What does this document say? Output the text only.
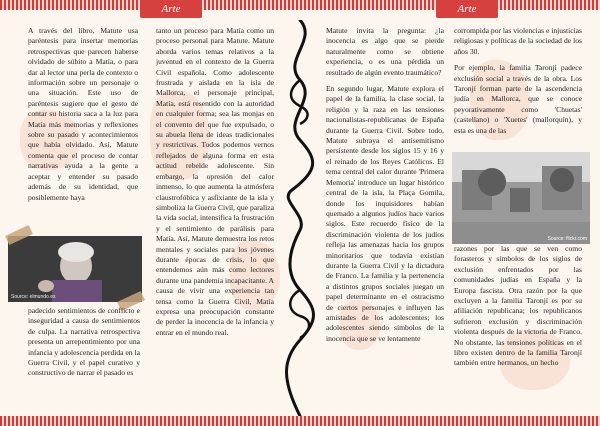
Arte	Arte

A través del libro, Matute usa paréntesis para insertar memorias retrospectivas que parecen haberse olvidado de súbito a Matía, o para dar al lector una perla de contexto o información sobre un personaje o una situación. Este uso de paréntesis sugiere que el gesto de contar su historia saca a la luz para Matía más memorias y reflexiones sobre su pasado y acontecimientos que había olvidado. Así, Matute comenta que el proceso de contar narrativas ayuda a la gente a aceptar y entender su pasado además de su identidad, que posiblemente haya

Source: elmundo.es

padecido sentimientos de conflicto e inseguridad a causa de sentimientos de culpa. La narrativa retrospectiva presenta un arrepentimiento por una infancia y adolescencia perdida en la Guerra Civil, y el papel curativo y constructivo de narrar el pasado es

tanto un proceso para Matía como un proceso personal para Matute. Matute aborda varios temas relativos a la juventud en el contexto de la Guerra Civil española. Como adolescente frustrada y aislada en la isla de Mallorca, el personaje principal, Matía, está resentido con la autoridad en cualquier forma; sea las monjas en el convento del que fue expulsado, o su abuela llena de ideas tradicionales y restrictivas. Todos podemos vernos reflejados de alguna forma en esta actitud rebelde adolescente. Sin embargo, la opresión del calor inmenso, lo que aumenta la atmósfera claustrofóbica y asfixiante de la isla y simboliza la Guerra Civil, que paraliza la vida social, intensifica la frustración y el sentimiento de parálisis para Matía. Así, Matute demuestra los retos mentales y sociales para los jóvenes durante épocas de crisis, lo que entendemos aún más como lectores durante una pandemia incapacitante. A causa de vivir una experiencia tan tensa como la Guerra Civil, Matía expresa una preocupación constante de perder la inocencia de la infancia y entrar en el mundo real.

Matute invita la pregunta: ¿la inocencia es algo que se pierde naturalmente como se obtiene experiencia, o es una pérdida un resultado de algún evento traumático?

En segundo lugar, Matute explora el papel de la familia, la clase social, la religión y la raza en las tensiones nacionalistas-republicanas de España durante la Guerra Civil. Sobre todo, Matute subraya el antisemitismo persistente desde los siglos 15 y 16 y el reinado de los Reyes Católicos. El tema central del calor durante 'Primera Memoria' introduce un lugar histórico central de la isla, la Plaça Gomila, donde los inquisidores habían quemado a algunos judíos hace varios siglos. Este recuerdo físico de la discriminación violenta de los judíos refleja las amenazas hacia los grupos minoritarios que todavía existían durante la Guerra Civil y la dictadura de Franco. La familia y la pertenencia a distintos grupos sociales juegan un papel determinante en el ostracismo de ciertos personajes e influyen las amistades de los adolescentes; los adolescentes siendo símbolos de la inocencia que se ve lentamente

corrompida por las violencias e injusticias religiosas y políticas de la sociedad de los años 30.

Por ejemplo, la familia Taronjí padece exclusión social a través de la obra. Los Taronjí forman parte de la ascendencia judía en Mallorca, que se conoce peyorativamente como 'Chuetas' (castellano) o 'Xuetes' (mallorquín), y esta es una de las

Source: flickr.com

razones por las que se ven como forasteros y símbolos de los siglos de exclusión enfrentados por las comunidades judías en España y la Europa fascista. Otra razón por la que excluyen a la familia Taronjí es por su afiliación republicana; los republicanos sufrieron exclusión y discriminación violenta después de la victoria de Franco. No obstante, las tensiones políticas en el libro existen dentro de la familia Taronjí también entre hermanos, un hecho
